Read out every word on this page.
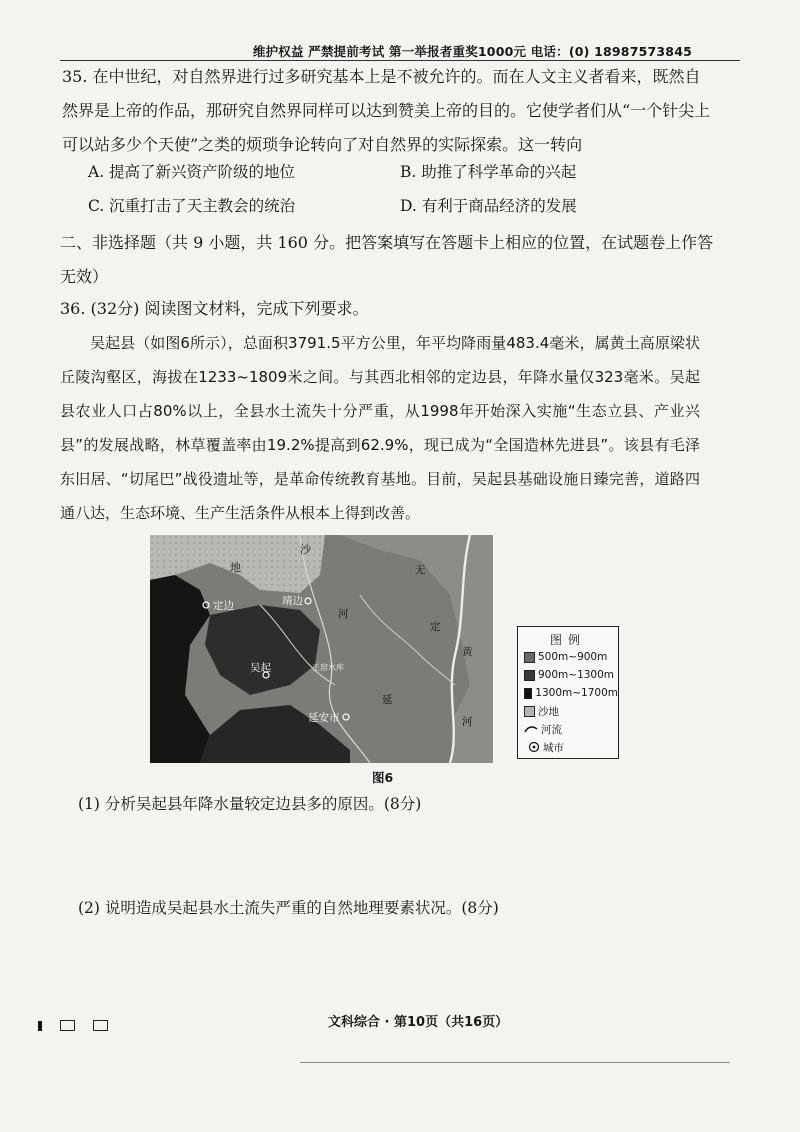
维护权益 严禁提前考试 第一举报者重奖1000元 电话：(0) 18987573845
35. 在中世纪，对自然界进行过多研究基本上是不被允许的。而在人文主义者看来，既然自然界是上帝的作品，那研究自然界同样可以达到赞美上帝的目的。它使学者们从“一个针尖上可以站多少个天使”之类的烦琐争论转向了对自然界的实际探索。这一转向
A. 提高了新兴资产阶级的地位	B. 助推了科学革命的兴起
C. 沉重打击了天主教会的统治	D. 有利于商品经济的发展
二、非选择题（共 9 小题，共 160 分。把答案填写在答题卡上相应的位置，在试题卷上作答无效）
36. (32分) 阅读图文材料，完成下列要求。
吴起县（如图6所示），总面积3791.5平方公里，年平均降雨量483.4毫米，属黄土高原梁状丘陵沟壑区，海拔在1233~1809米之间。与其西北相邻的定边县，年降水量仅323毫米。吴起县农业人口占80%以上，全县水土流失十分严重，从1998年开始深入实施“生态立县、产业兴县”的发展战略，林草覆盖率由19.2%提高到62.9%，现已成为“全国造林先进县”。该县有毛泽东旧居、“切尾巴”战役遗址等，是革命传统教育基地。目前，吴起县基础设施日臻完善，道路四通八达，生态环境、生产生活条件从根本上得到改善。
沙
地
定边	靖边
吴起
延安市
王窑水库
河
无
定
延
黄
河
图例
500m~900m
900m~1300m
1300m~1700m
沙地
河流
城市
图6
(1) 分析吴起县年降水量较定边县多的原因。(8分)
(2) 说明造成吴起县水土流失严重的自然地理要素状况。(8分)
文科综合 · 第10页（共16页）
